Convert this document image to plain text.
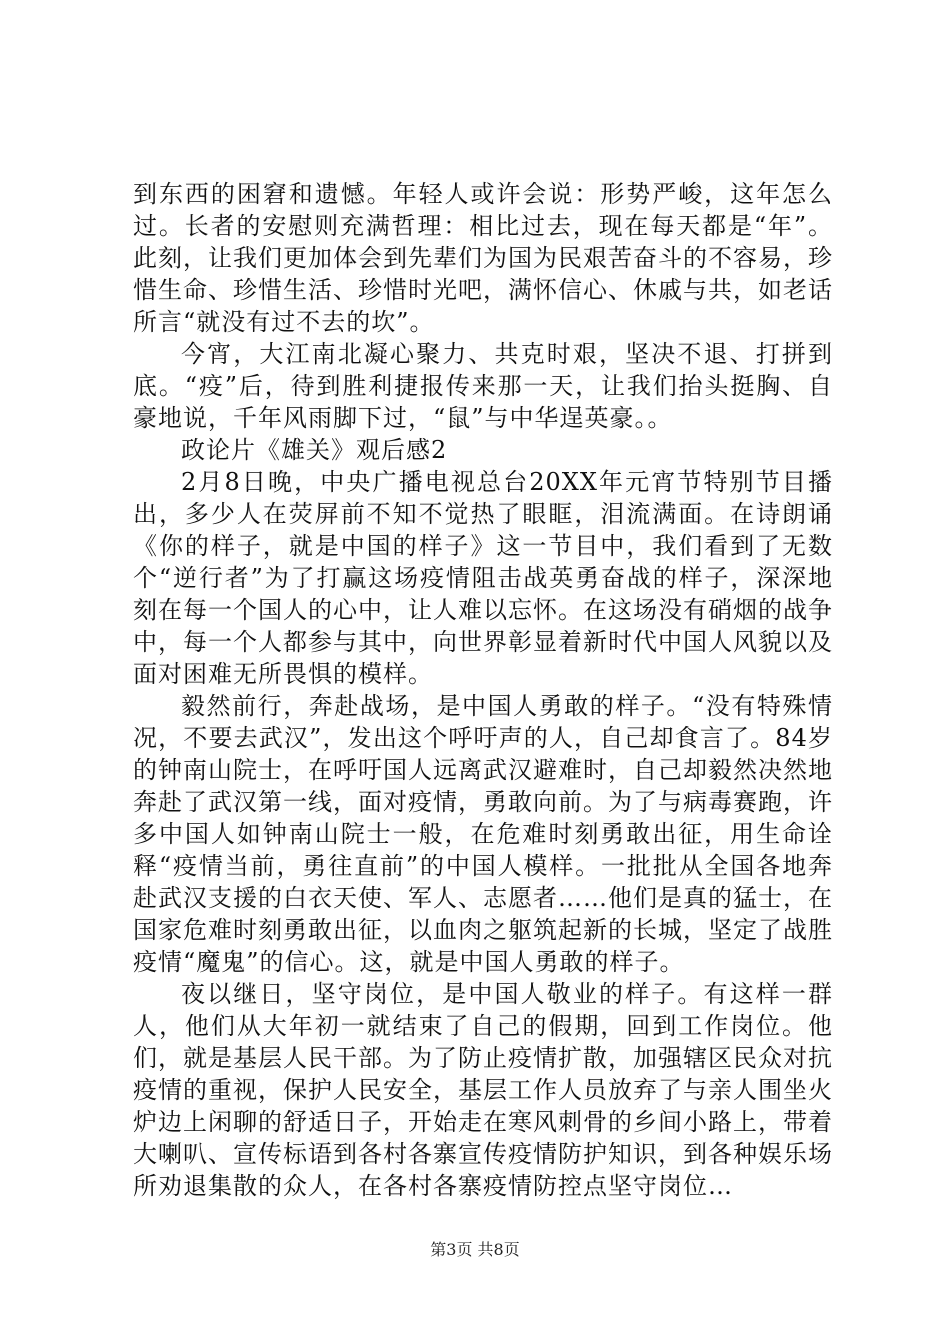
到东西的困窘和遗憾。年轻人或许会说：形势严峻，这年怎么过。长者的安慰则充满哲理：相比过去，现在每天都是“年”。此刻，让我们更加体会到先辈们为国为民艰苦奋斗的不容易，珍惜生命、珍惜生活、珍惜时光吧，满怀信心、休戚与共，如老话所言“就没有过不去的坎”。

今宵，大江南北凝心聚力、共克时艰，坚决不退、打拼到底。“疫”后，待到胜利捷报传来那一天，让我们抬头挺胸、自豪地说，千年风雨脚下过，“鼠”与中华逞英豪。。

政论片《雄关》观后感2

2月8日晚，中央广播电视总台20XX年元宵节特别节目播出，多少人在荧屏前不知不觉热了眼眶，泪流满面。在诗朗诵《你的样子，就是中国的样子》这一节目中，我们看到了无数个“逆行者”为了打赢这场疫情阻击战英勇奋战的样子，深深地刻在每一个国人的心中，让人难以忘怀。在这场没有硝烟的战争中，每一个人都参与其中，向世界彰显着新时代中国人风貌以及面对困难无所畏惧的模样。

毅然前行，奔赴战场，是中国人勇敢的样子。“没有特殊情况，不要去武汉”，发出这个呼吁声的人，自己却食言了。84岁的钟南山院士，在呼吁国人远离武汉避难时，自己却毅然决然地奔赴了武汉第一线，面对疫情，勇敢向前。为了与病毒赛跑，许多中国人如钟南山院士一般，在危难时刻勇敢出征，用生命诠释“疫情当前，勇往直前”的中国人模样。一批批从全国各地奔赴武汉支援的白衣天使、军人、志愿者……他们是真的猛士，在国家危难时刻勇敢出征，以血肉之躯筑起新的长城，坚定了战胜疫情“魔鬼”的信心。这，就是中国人勇敢的样子。

夜以继日，坚守岗位，是中国人敬业的样子。有这样一群人，他们从大年初一就结束了自己的假期，回到工作岗位。他们，就是基层人民干部。为了防止疫情扩散，加强辖区民众对抗疫情的重视，保护人民安全，基层工作人员放弃了与亲人围坐火炉边上闲聊的舒适日子，开始走在寒风刺骨的乡间小路上，带着大喇叭、宣传标语到各村各寨宣传疫情防护知识，到各种娱乐场所劝退集散的众人，在各村各寨疫情防控点坚守岗位…

第3页 共8页
